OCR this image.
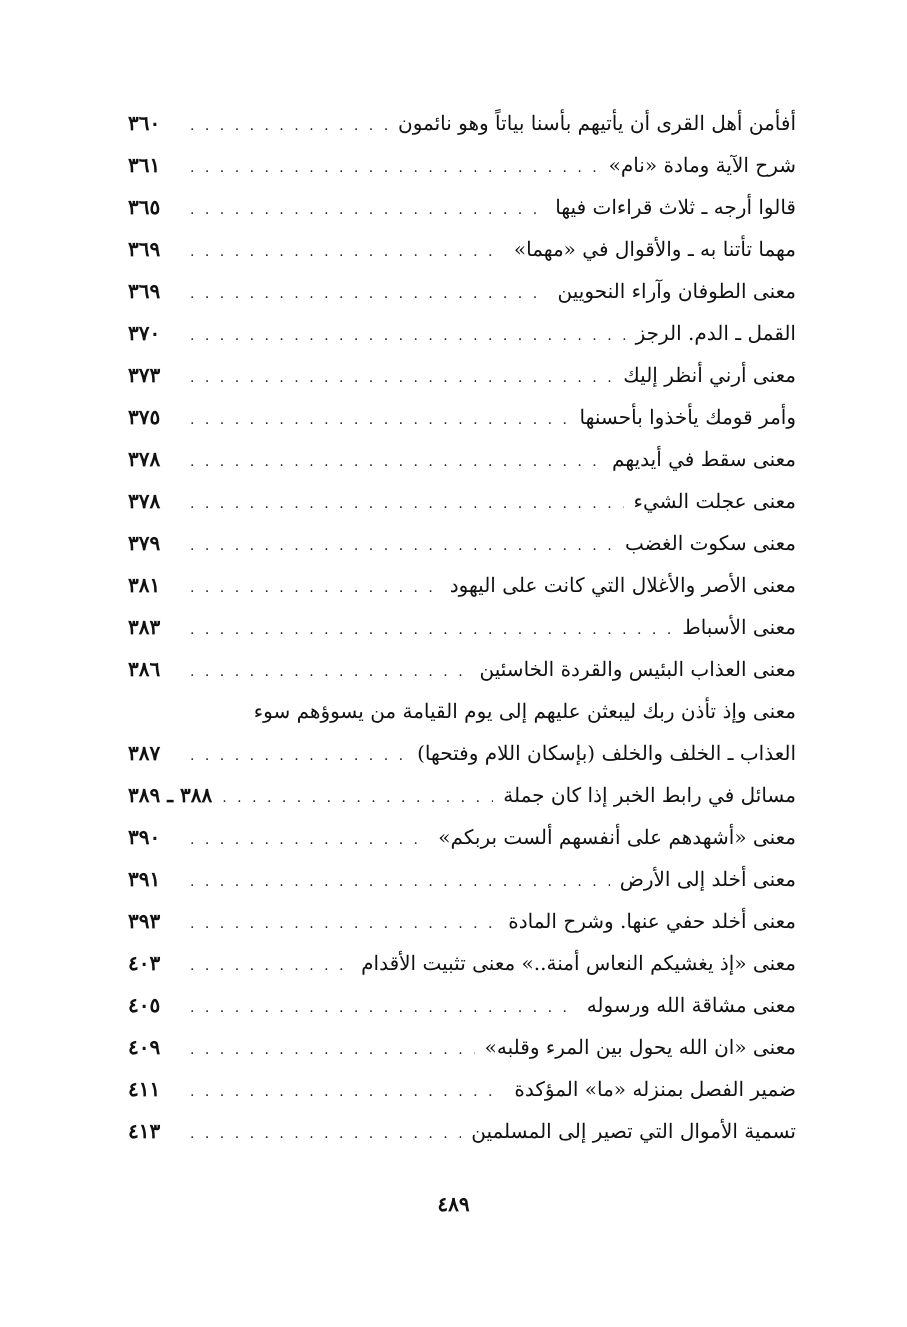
أفأمن أهل القرى أن يأتيهم بأسنا بياتاً وهو نائمون
. . .
٣٦٠
شرح الآية ومادة «نام»
. . .
٣٦١
قالوا أرجه ـ ثلاث قراءات فيها
. . .
٣٦٥
مهما تأتنا به ـ والأقوال في «مهما»
. . .
٣٦٩
معنى الطوفان وآراء النحويين
. . .
٣٦٩
القمل ـ الدم. الرجز
. . .
٣٧٠
معنى أرني أنظر إليك
. . .
٣٧٣
وأمر قومك يأخذوا بأحسنها
. . .
٣٧٥
معنى سقط في أيديهم
. . .
٣٧٨
معنى عجلت الشيء
. . .
٣٧٨
معنى سكوت الغضب
. . .
٣٧٩
معنى الأصر والأغلال التي كانت على اليهود
. . .
٣٨١
معنى الأسباط
. . .
٣٨٣
معنى العذاب البئيس والقردة الخاسئين
. . .
٣٨٦
معنى وإذ تأذن ربك ليبعثن عليهم إلى يوم القيامة من يسوؤهم سوء
العذاب ـ الخلف والخلف (بإسكان اللام وفتحها)
. . .
٣٨٧
مسائل في رابط الخبر إذا كان جملة
. . .
٣٨٨ ـ ٣٨٩
معنى «أشهدهم على أنفسهم ألست بربكم»
. . .
٣٩٠
معنى أخلد إلى الأرض
. . .
٣٩١
معنى أخلد حفي عنها. وشرح المادة
. . .
٣٩٣
معنى «إذ يغشيكم النعاس أمنة..» معنى تثبيت الأقدام
. . .
٤٠٣
معنى مشاقة الله ورسوله
. . .
٤٠٥
معنى «ان الله يحول بين المرء وقلبه»
. . .
٤٠٩
ضمير الفصل بمنزله «ما» المؤكدة
. . .
٤١١
تسمية الأموال التي تصير إلى المسلمين
. . .
٤١٣
٤٨٩
